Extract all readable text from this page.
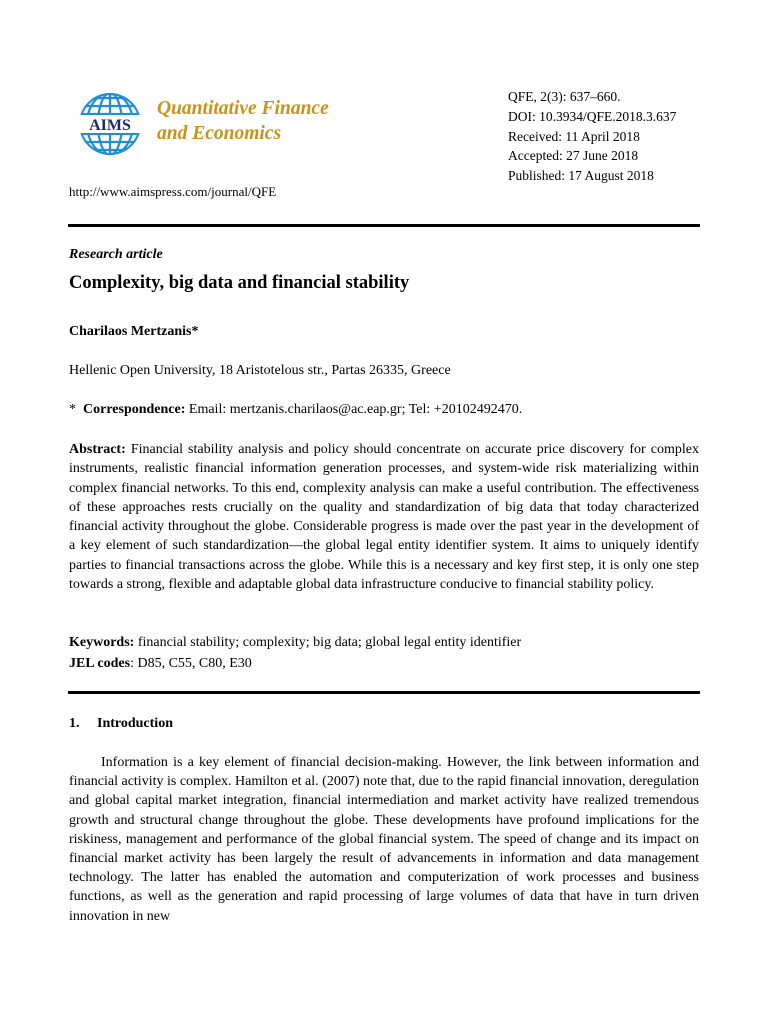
AIMS
Quantitative Finance
and Economics
QFE, 2(3): 637–660.
DOI: 10.3934/QFE.2018.3.637
Received: 11 April 2018
Accepted: 27 June 2018
Published: 17 August 2018
http://www.aimspress.com/journal/QFE
Research article
Complexity, big data and financial stability
Charilaos Mertzanis*
Hellenic Open University, 18 Aristotelous str., Partas 26335, Greece
* Correspondence: Email: mertzanis.charilaos@ac.eap.gr; Tel: +20102492470.
Abstract: Financial stability analysis and policy should concentrate on accurate price discovery for complex instruments, realistic financial information generation processes, and system-wide risk materializing within complex financial networks. To this end, complexity analysis can make a useful contribution. The effectiveness of these approaches rests crucially on the quality and standardization of big data that today characterized financial activity throughout the globe. Considerable progress is made over the past year in the development of a key element of such standardization—the global legal entity identifier system. It aims to uniquely identify parties to financial transactions across the globe. While this is a necessary and key first step, it is only one step towards a strong, flexible and adaptable global data infrastructure conducive to financial stability policy.
Keywords: financial stability; complexity; big data; global legal entity identifier
JEL codes: D85, C55, C80, E30
1. Introduction
Information is a key element of financial decision-making. However, the link between information and financial activity is complex. Hamilton et al. (2007) note that, due to the rapid financial innovation, deregulation and global capital market integration, financial intermediation and market activity have realized tremendous growth and structural change throughout the globe. These developments have profound implications for the riskiness, management and performance of the global financial system. The speed of change and its impact on financial market activity has been largely the result of advancements in information and data management technology. The latter has enabled the automation and computerization of work processes and business functions, as well as the generation and rapid processing of large volumes of data that have in turn driven innovation in new
